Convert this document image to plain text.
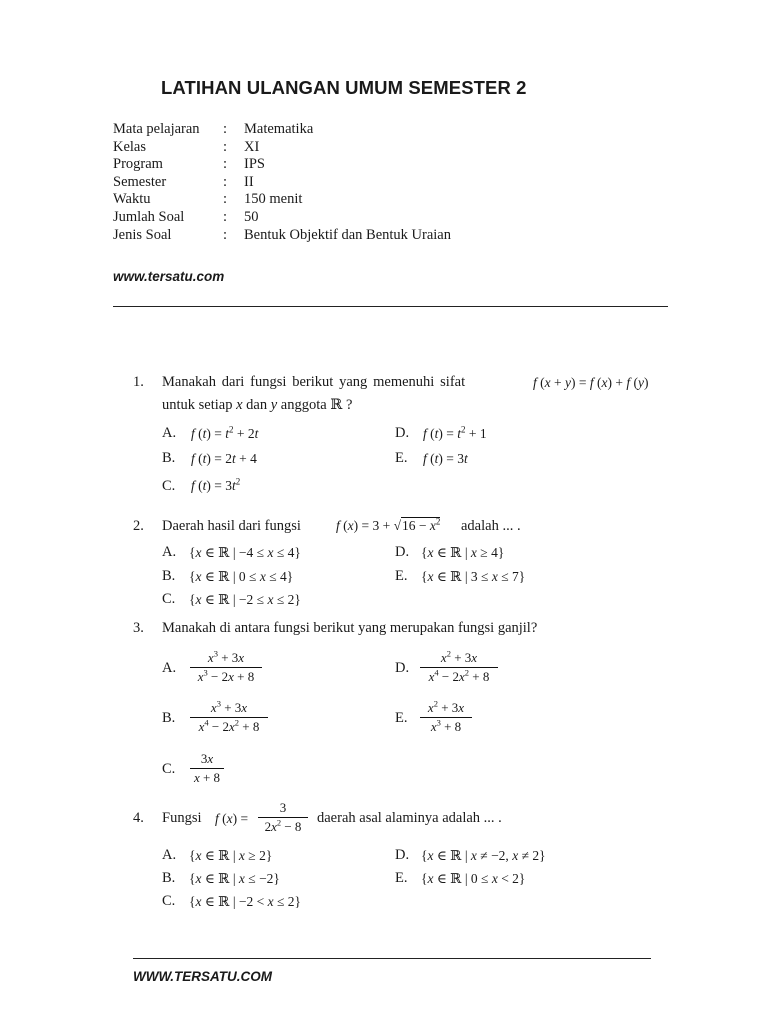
LATIHAN ULANGAN UMUM SEMESTER 2
Mata pelajaran	:	Matematika
Kelas	:	XI
Program	:	IPS
Semester	:	II
Waktu	:	150 menit
Jumlah Soal	:	50
Jenis Soal	:	Bentuk Objektif dan Bentuk Uraian
www.tersatu.com
1. Manakah dari fungsi berikut yang memenuhi sifat	f (x + y) = f (x) + f (y)
untuk setiap x dan y anggota ℝ ?
A. f $(t) = t^2 + 2t$	D. f $(t) = t^2 + 1$
B. f (t) = 2t + 4	E. f (t) = 3t
C. f $(t) = 3t^2$
2. Daerah hasil dari fungsi	f $(x) = 3 + √16 - x^2$ adalah ... .
A. {x ∈ ℝ | −4 ≤ x ≤ 4}	D. {x ∈ ℝ | x ≥ 4}
B. {x ∈ ℝ | 0 ≤ x ≤ 4}	E. {x ∈ ℝ | 3 ≤ x ≤ 7}
C. {x ∈ ℝ | −2 ≤ x ≤ 2}
3. Manakah di antara fungsi berikut yang merupakan fungsi ganjil?
A.
$x^3 + 3x$
$x^3 - 2x + 8$
D.
$x^2 + 3x$
$x^4 - 2x^2 + 8$
B.
$x^3 + 3x$
$x^4 - 2x^2 + 8$
E.
$x^2 + 3x$
$x^3 + 8$
C.
3x
x + 8
4. Fungsi f (x) =
3
$2x^2 - 8$
daerah asal alaminya adalah ... .
A. {x ∈ ℝ | x ≥ 2}	D. {x ∈ ℝ | x ≠ −2, x ≠ 2}
B. {x ∈ ℝ | x ≤ −2}	E. {x ∈ ℝ | 0 ≤ x < 2}
C. {x ∈ ℝ | −2 < x ≤ 2}
WWW.TERSATU.COM
